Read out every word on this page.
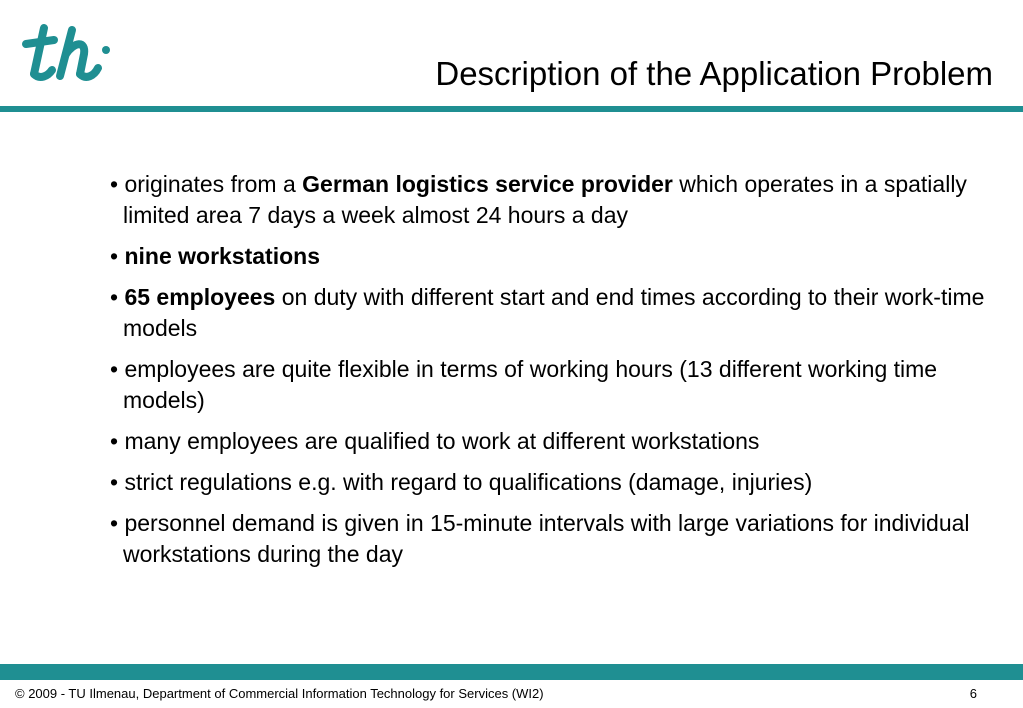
Description of the Application Problem
• originates from a German logistics service provider which operates in a spatially limited area 7 days a week almost 24 hours a day
• nine workstations
• 65 employees on duty with different start and end times according to their work-time models
• employees are quite flexible in terms of working hours (13 different working time models)
• many employees are qualified to work at different workstations
• strict regulations e.g. with regard to qualifications (damage, injuries)
• personnel demand is given in 15-minute intervals with large variations for individual workstations during the day
© 2009 - TU Ilmenau, Department of Commercial Information Technology for Services (WI2)	6
